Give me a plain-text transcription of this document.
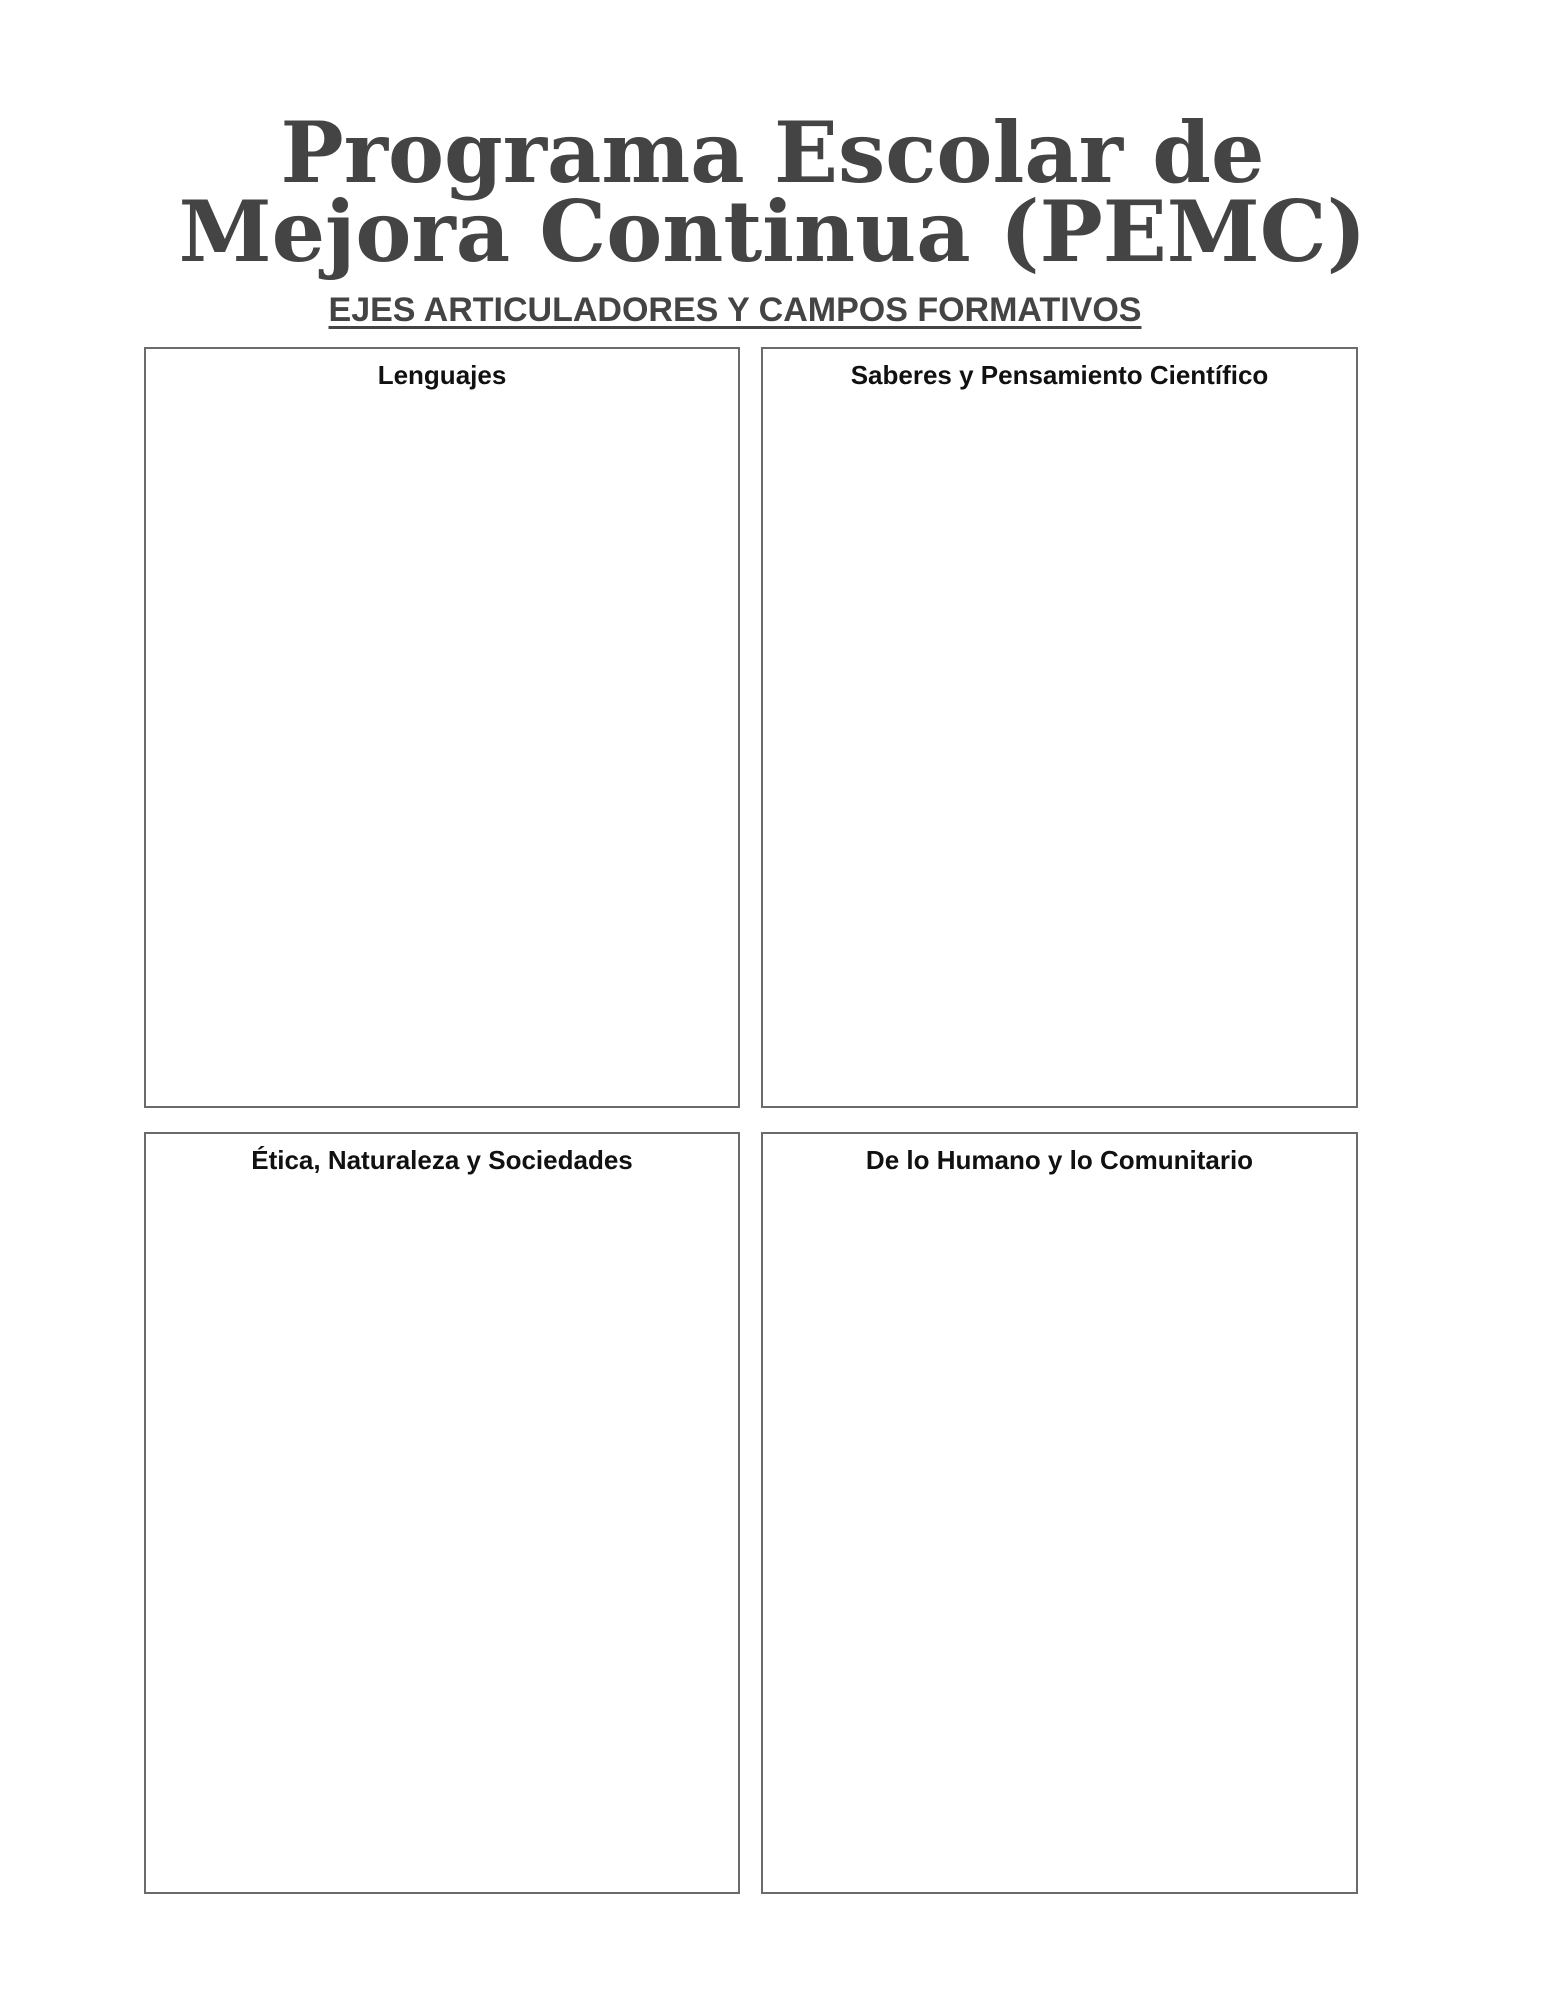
Programa Escolar de
Mejora Continua (PEMC)
EJES ARTICULADORES Y CAMPOS FORMATIVOS
Lenguajes	Saberes y Pensamiento Científico
Ética, Naturaleza y Sociedades	De lo Humano y lo Comunitario
